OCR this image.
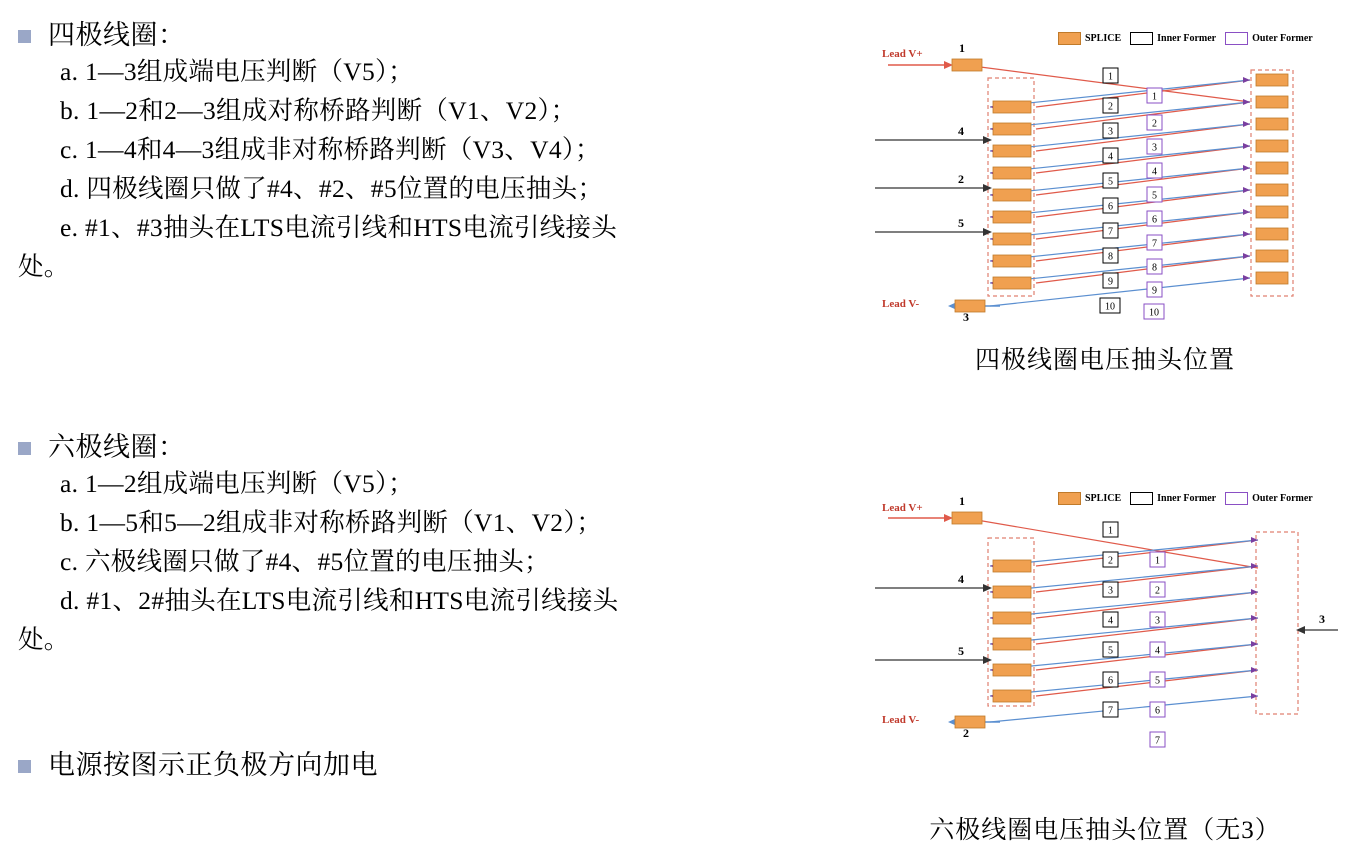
四极线圈：
a. 1—3组成端电压判断（V5）；
b. 1—2和2—3组成对称桥路判断（V1、V2）；
c. 1—4和4—3组成非对称桥路判断（V3、V4）；
d. 四极线圈只做了#4、#2、#5位置的电压抽头；
e. #1、#3抽头在LTS电流引线和HTS电流引线接头
处。
六极线圈：
a. 1—2组成端电压判断（V5）；
b. 1—5和5—2组成非对称桥路判断（V1、V2）；
c. 六极线圈只做了#4、#5位置的电压抽头；
d. #1、2#抽头在LTS电流引线和HTS电流引线接头
处。
电源按图示正负极方向加电
SPLICE	Inner Former	Outer Former
1
2
3
4
5
6
7
8
9
10
1
2
3
4
5
6
7
8
9
10
Lead V+
Lead V-
1
3
4
2
5
四极线圈电压抽头位置
SPLICE	Inner Former	Outer Former
1
2
3
4
5
6
7
1
2
3
4
5
6
7
Lead V+
Lead V-
1
2
4
5
3
六极线圈电压抽头位置（无3）
